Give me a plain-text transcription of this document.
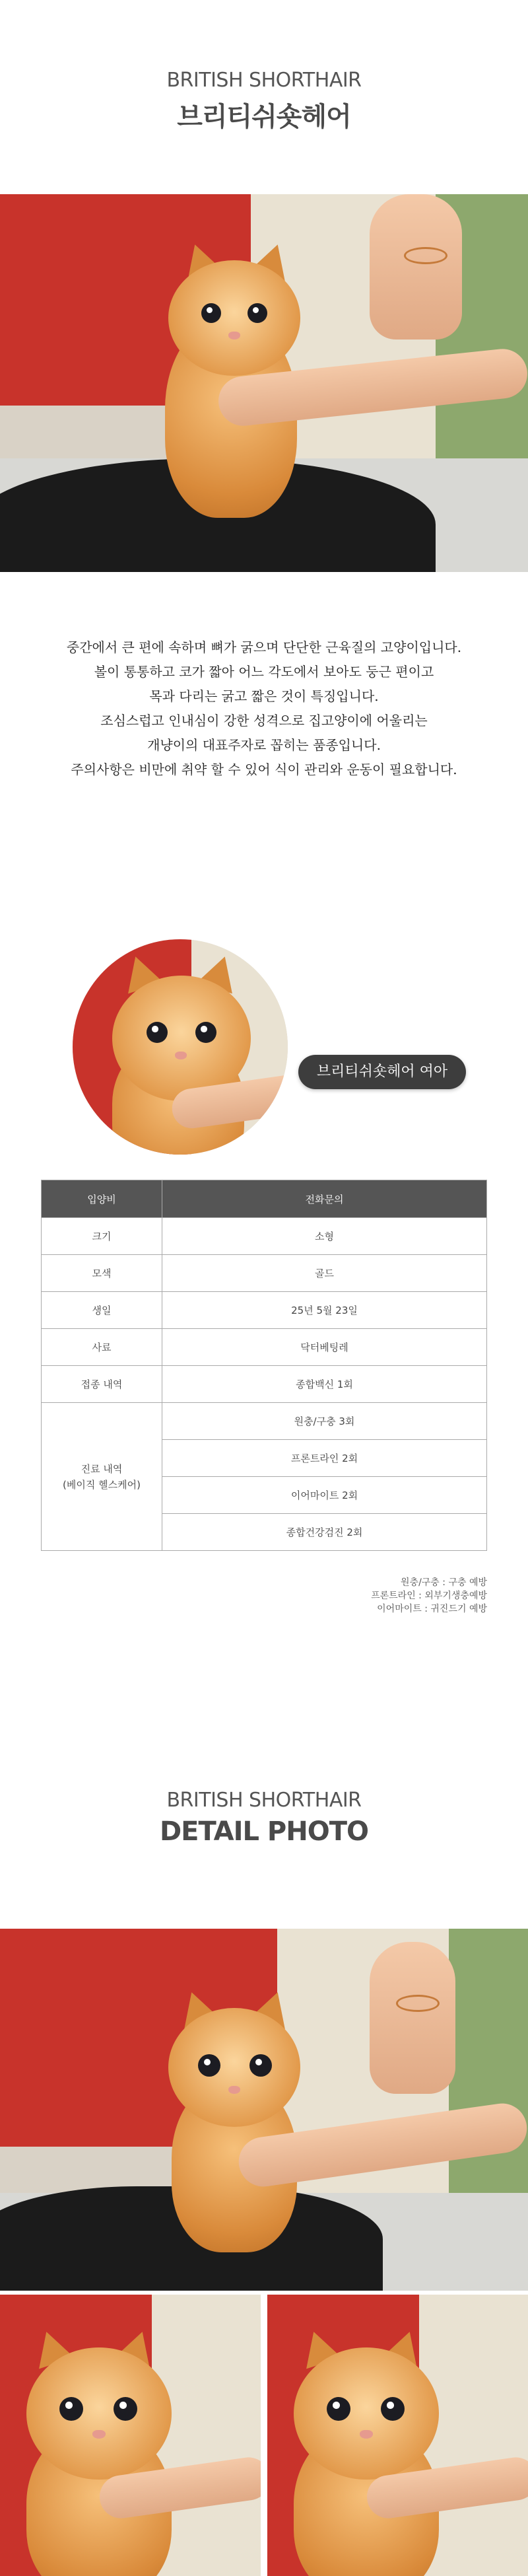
BRITISH SHORTHAIR
브리티쉬숏헤어
중간에서 큰 편에 속하며 뼈가 굵으며 단단한 근육질의 고양이입니다.
볼이 통통하고 코가 짧아 어느 각도에서 보아도 둥근 편이고
목과 다리는 굵고 짧은 것이 특징입니다.
조심스럽고 인내심이 강한 성격으로 집고양이에 어울리는
개냥이의 대표주자로 꼽히는 품종입니다.
주의사항은 비만에 취약 할 수 있어 식이 관리와 운동이 필요합니다.
브리티쉬숏헤어 여아
입양비	전화문의
크기	소형
모색	골드
생일	25년 5월 23일
사료	닥터베팅레
접종 내역	종합백신 1회

진료 내역
(베이직 헬스케어)	원충/구충 3회
	프론트라인 2회
	이어마이트 2회
	종합건강검진 2회
원충/구충 : 구충 예방
프론트라인 : 외부기생충예방
이어마이트 : 귀진드기 예방
BRITISH SHORTHAIR
DETAIL PHOTO
